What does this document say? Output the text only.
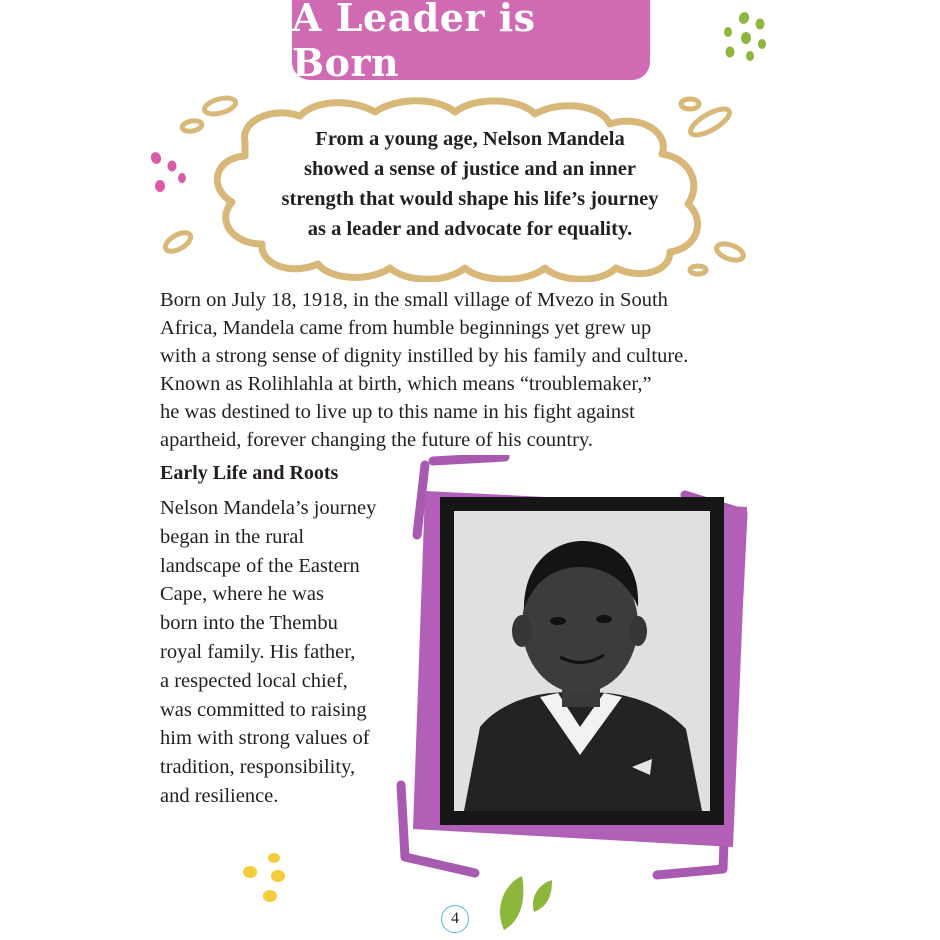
A Leader is Born
From a young age, Nelson Mandela
showed a sense of justice and an inner
strength that would shape his life’s journey
as a leader and advocate for equality.
Born on July 18, 1918, in the small village of Mvezo in South
Africa, Mandela came from humble beginnings yet grew up
with a strong sense of dignity instilled by his family and culture.
Known as Rolihlahla at birth, which means “troublemaker,”
he was destined to live up to this name in his fight against
apartheid, forever changing the future of his country.
Early Life and Roots
Nelson Mandela’s journey
began in the rural
landscape of the Eastern
Cape, where he was
born into the Thembu
royal family. His father,
a respected local chief,
was committed to raising
him with strong values of
tradition, responsibility,
and resilience.
4
